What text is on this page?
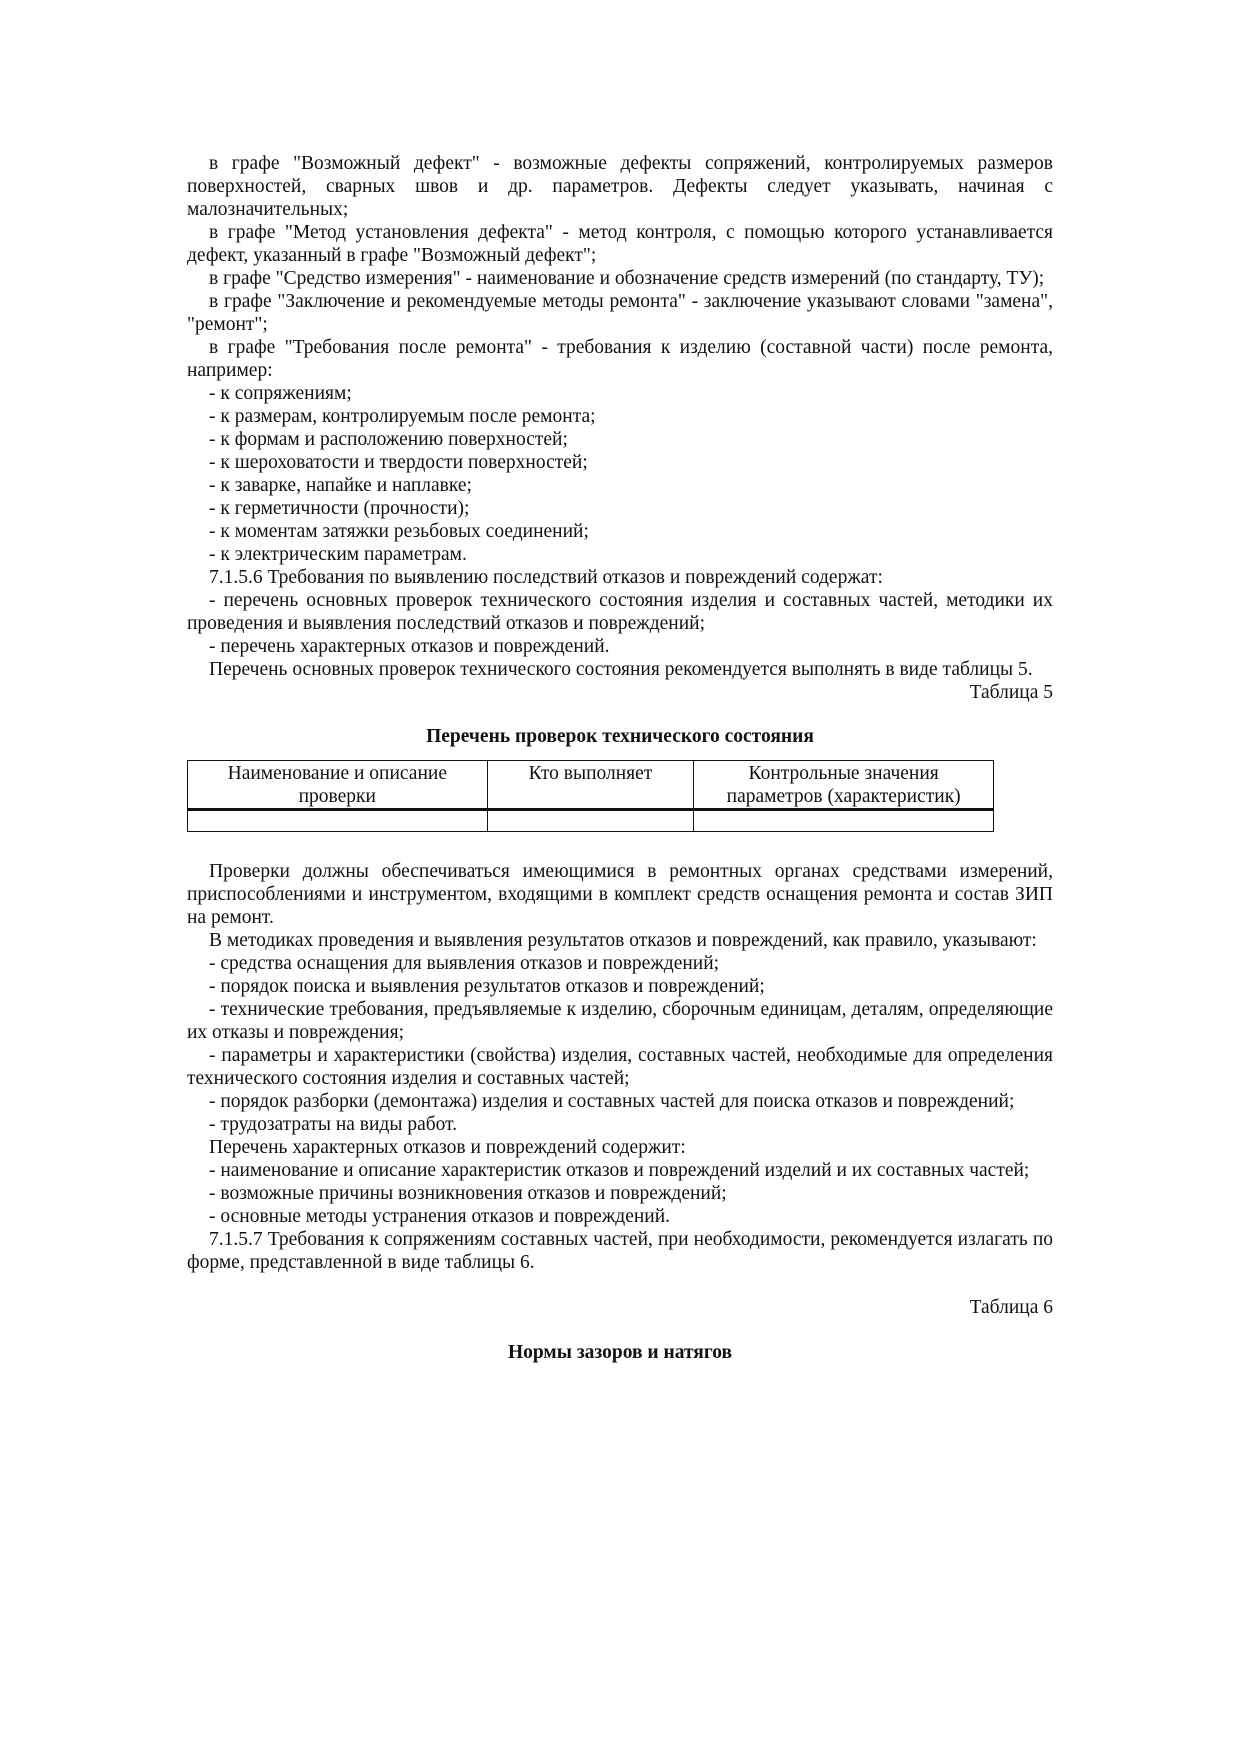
в графе "Возможный дефект" - возможные дефекты сопряжений, контролируемых размеров поверхностей, сварных швов и др. параметров. Дефекты следует указывать, начиная с малозначительных;

в графе "Метод установления дефекта" - метод контроля, с помощью которого устанавливается дефект, указанный в графе "Возможный дефект";

в графе "Средство измерения" - наименование и обозначение средств измерений (по стандарту, ТУ);

в графе "Заключение и рекомендуемые методы ремонта" - заключение указывают словами "замена", "ремонт";

в графе "Требования после ремонта" - требования к изделию (составной части) после ремонта, например:

- к сопряжениям;

- к размерам, контролируемым после ремонта;

- к формам и расположению поверхностей;

- к шероховатости и твердости поверхностей;

- к заварке, напайке и наплавке;

- к герметичности (прочности);

- к моментам затяжки резьбовых соединений;

- к электрическим параметрам.

7.1.5.6 Требования по выявлению последствий отказов и повреждений содержат:

- перечень основных проверок технического состояния изделия и составных частей, методики их проведения и выявления последствий отказов и повреждений;

- перечень характерных отказов и повреждений.

Перечень основных проверок технического состояния рекомендуется выполнять в виде таблицы 5.

Таблица 5

Перечень проверок технического состояния

Наименование и описание проверки	Кто выполняет	Контрольные значения параметров (характеристик)

Проверки должны обеспечиваться имеющимися в ремонтных органах средствами измерений, приспособлениями и инструментом, входящими в комплект средств оснащения ремонта и состав ЗИП на ремонт.

В методиках проведения и выявления результатов отказов и повреждений, как правило, указывают:

- средства оснащения для выявления отказов и повреждений;

- порядок поиска и выявления результатов отказов и повреждений;

- технические требования, предъявляемые к изделию, сборочным единицам, деталям, определяющие их отказы и повреждения;

- параметры и характеристики (свойства) изделия, составных частей, необходимые для определения технического состояния изделия и составных частей;

- порядок разборки (демонтажа) изделия и составных частей для поиска отказов и повреждений;

- трудозатраты на виды работ.

Перечень характерных отказов и повреждений содержит:

- наименование и описание характеристик отказов и повреждений изделий и их составных частей;

- возможные причины возникновения отказов и повреждений;

- основные методы устранения отказов и повреждений.

7.1.5.7 Требования к сопряжениям составных частей, при необходимости, рекомендуется излагать по форме, представленной в виде таблицы 6.

Таблица 6

Нормы зазоров и натягов
